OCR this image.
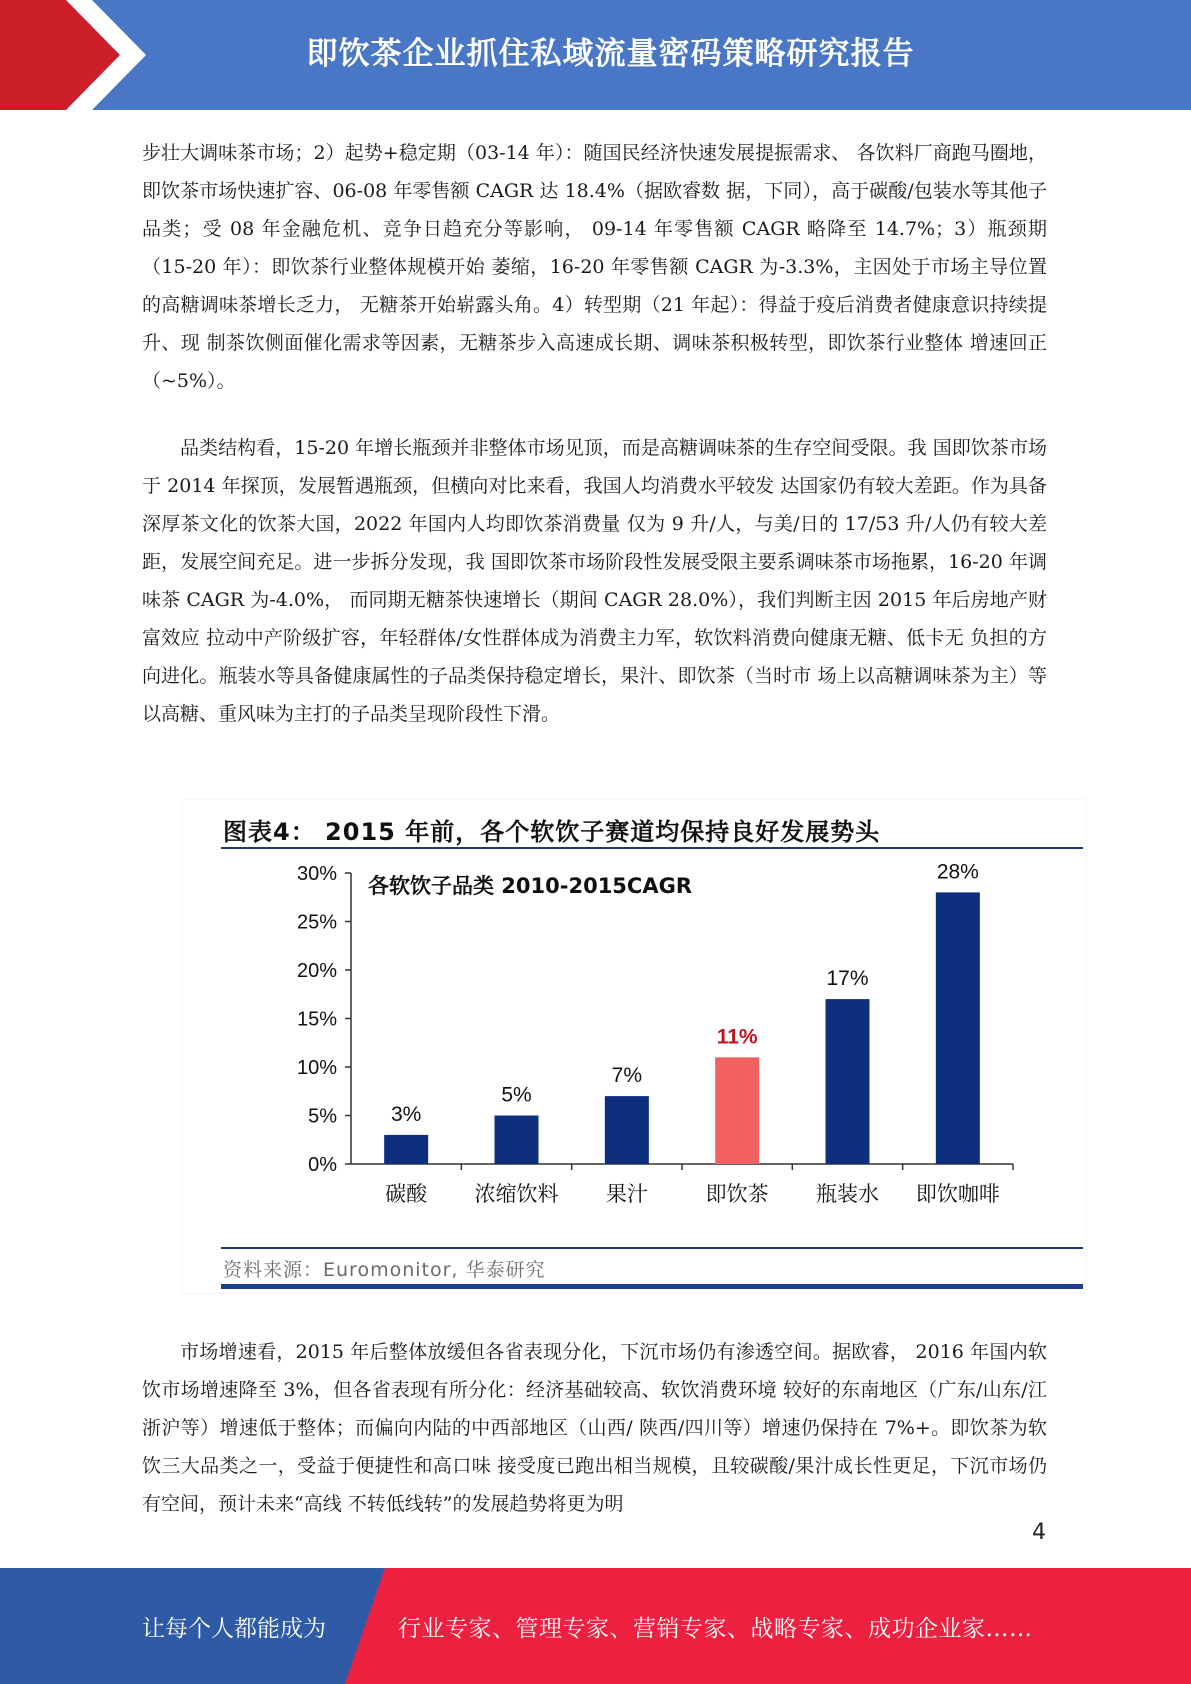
即饮茶企业抓住私域流量密码策略研究报告

步壮大调味茶市场；2）起势+稳定期（03-14 年）：随国民经济快速发展提振需求、 各饮料厂商跑马圈地，即饮茶市场快速扩容、06-08 年零售额 CAGR 达 18.4%（据欧睿数 据，下同），高于碳酸/包装水等其他子品类；受 08 年金融危机、竞争日趋充分等影响， 09-14 年零售额 CAGR 略降至 14.7%；3）瓶颈期（15-20 年）：即饮茶行业整体规模开始 萎缩，16-20 年零售额 CAGR 为-3.3%，主因处于市场主导位置的高糖调味茶增长乏力， 无糖茶开始崭露头角。4）转型期（21 年起）：得益于疫后消费者健康意识持续提升、现 制茶饮侧面催化需求等因素，无糖茶步入高速成长期、调味茶积极转型，即饮茶行业整体 增速回正（~5%）。

品类结构看，15-20 年增长瓶颈并非整体市场见顶，而是高糖调味茶的生存空间受限。我 国即饮茶市场于 2014 年探顶，发展暂遇瓶颈，但横向对比来看，我国人均消费水平较发 达国家仍有较大差距。作为具备深厚茶文化的饮茶大国，2022 年国内人均即饮茶消费量 仅为 9 升/人，与美/日的 17/53 升/人仍有较大差距，发展空间充足。进一步拆分发现，我 国即饮茶市场阶段性发展受限主要系调味茶市场拖累，16-20 年调味茶 CAGR 为-4.0%， 而同期无糖茶快速增长（期间 CAGR 28.0%），我们判断主因 2015 年后房地产财富效应 拉动中产阶级扩容，年轻群体/女性群体成为消费主力军，软饮料消费向健康无糖、低卡无 负担的方向进化。瓶装水等具备健康属性的子品类保持稳定增长，果汁、即饮茶（当时市 场上以高糖调味茶为主）等以高糖、重风味为主打的子品类呈现阶段性下滑。

图表4： 2015 年前，各个软饮子赛道均保持良好发展势头
0%
5%
10%
15%
20%
25%
30% 各软饮子品类 2010-2015CAGR
3%
碳酸
5%
浓缩饮料
7%
果汁
11%
即饮茶
17%
瓶装水
28%
即饮咖啡
资料来源：Euromonitor, 华泰研究

市场增速看，2015 年后整体放缓但各省表现分化，下沉市场仍有渗透空间。据欧睿， 2016 年国内软饮市场增速降至 3%，但各省表现有所分化：经济基础较高、软饮消费环境 较好的东南地区（广东/山东/江浙沪等）增速低于整体；而偏向内陆的中西部地区（山西/ 陕西/四川等）增速仍保持在 7%+。即饮茶为软饮三大品类之一，受益于便捷性和高口味 接受度已跑出相当规模，且较碳酸/果汁成长性更足，下沉市场仍有空间，预计未来“高线 不转低线转”的发展趋势将更为明

4
让每个人都能成为	行业专家、管理专家、营销专家、战略专家、成功企业家……
